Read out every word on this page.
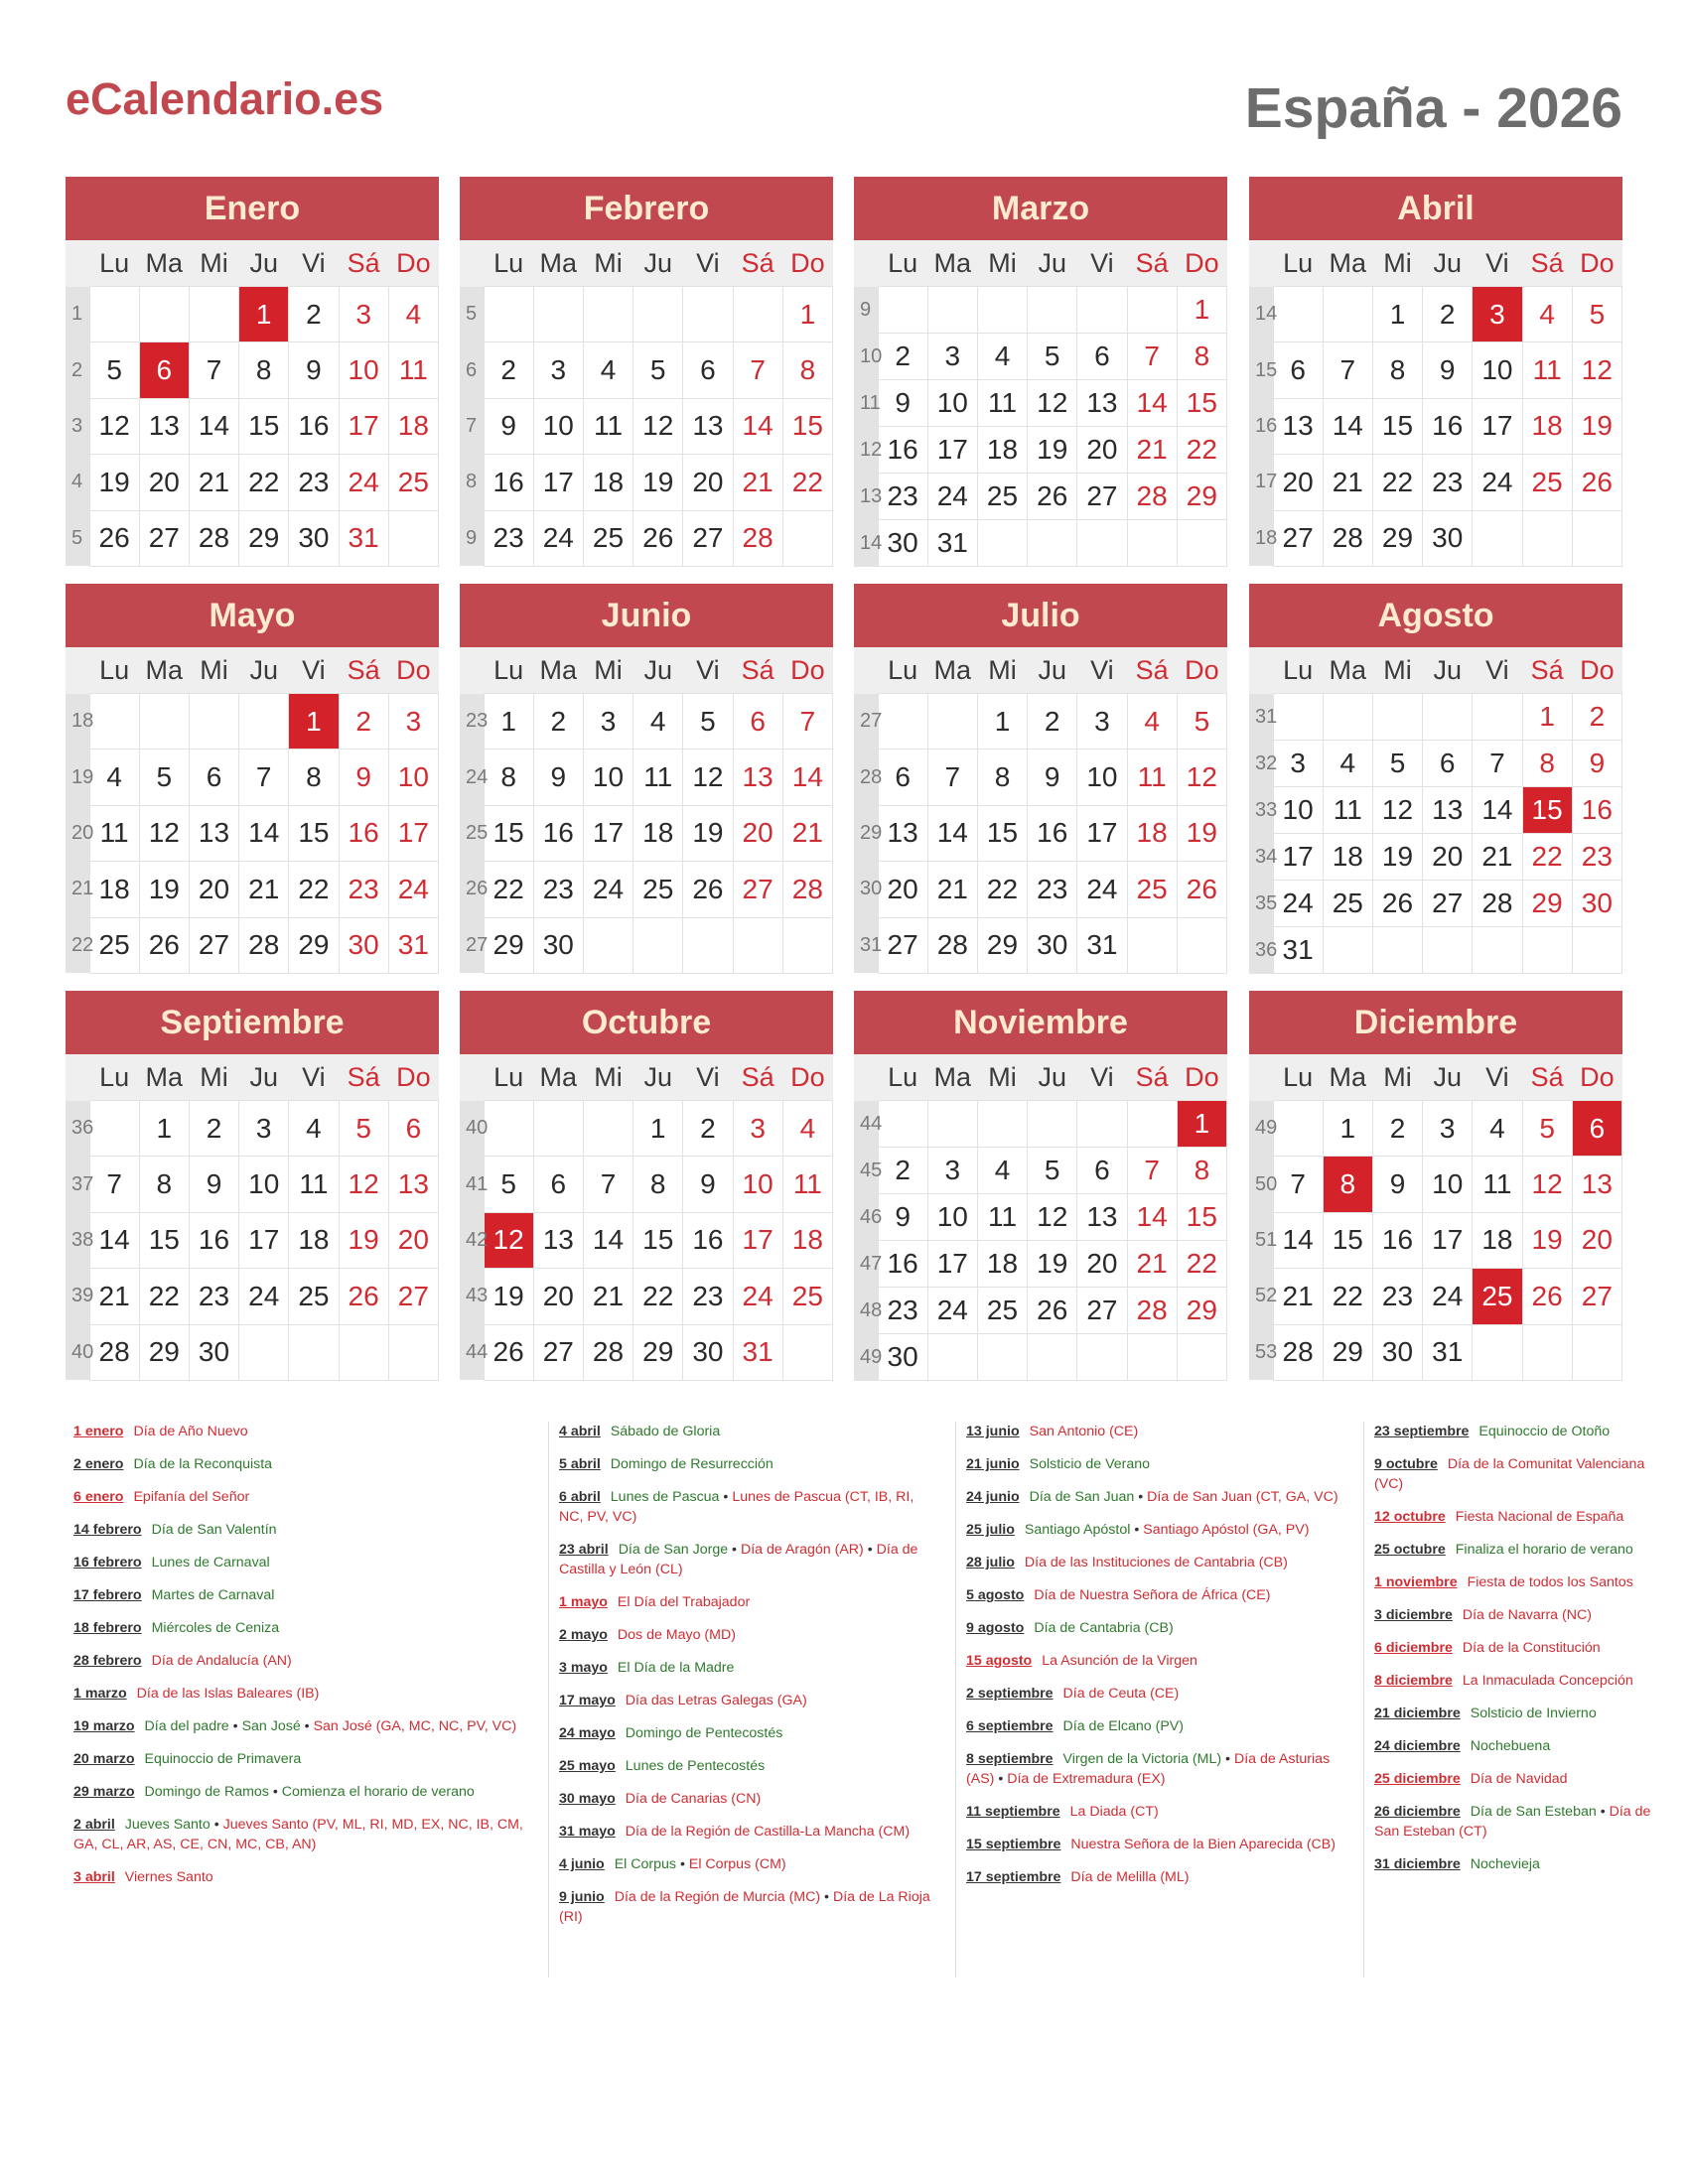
eCalendario.es	España - 2026
Enero
	Lu	Ma	Mi	Ju	Vi	Sá	Do
1				1	2	3	4
2	5	6	7	8	9	10	11
3	12	13	14	15	16	17	18
4	19	20	21	22	23	24	25
5	26	27	28	29	30	31	
Febrero
	Lu	Ma	Mi	Ju	Vi	Sá	Do
5							1
6	2	3	4	5	6	7	8
7	9	10	11	12	13	14	15
8	16	17	18	19	20	21	22
9	23	24	25	26	27	28	
Marzo
	Lu	Ma	Mi	Ju	Vi	Sá	Do
9							1
10	2	3	4	5	6	7	8
11	9	10	11	12	13	14	15
12	16	17	18	19	20	21	22
13	23	24	25	26	27	28	29
14	30	31					
Abril
	Lu	Ma	Mi	Ju	Vi	Sá	Do
14			1	2	3	4	5
15	6	7	8	9	10	11	12
16	13	14	15	16	17	18	19
17	20	21	22	23	24	25	26
18	27	28	29	30			
Mayo
	Lu	Ma	Mi	Ju	Vi	Sá	Do
18					1	2	3
19	4	5	6	7	8	9	10
20	11	12	13	14	15	16	17
21	18	19	20	21	22	23	24
22	25	26	27	28	29	30	31
Junio
	Lu	Ma	Mi	Ju	Vi	Sá	Do
23	1	2	3	4	5	6	7
24	8	9	10	11	12	13	14
25	15	16	17	18	19	20	21
26	22	23	24	25	26	27	28
27	29	30					
Julio
	Lu	Ma	Mi	Ju	Vi	Sá	Do
27			1	2	3	4	5
28	6	7	8	9	10	11	12
29	13	14	15	16	17	18	19
30	20	21	22	23	24	25	26
31	27	28	29	30	31		
Agosto
	Lu	Ma	Mi	Ju	Vi	Sá	Do
31						1	2
32	3	4	5	6	7	8	9
33	10	11	12	13	14	15	16
34	17	18	19	20	21	22	23
35	24	25	26	27	28	29	30
36	31						
Septiembre
	Lu	Ma	Mi	Ju	Vi	Sá	Do
36		1	2	3	4	5	6
37	7	8	9	10	11	12	13
38	14	15	16	17	18	19	20
39	21	22	23	24	25	26	27
40	28	29	30				
Octubre
	Lu	Ma	Mi	Ju	Vi	Sá	Do
40				1	2	3	4
41	5	6	7	8	9	10	11
42	12	13	14	15	16	17	18
43	19	20	21	22	23	24	25
44	26	27	28	29	30	31	
Noviembre
	Lu	Ma	Mi	Ju	Vi	Sá	Do
44							1
45	2	3	4	5	6	7	8
46	9	10	11	12	13	14	15
47	16	17	18	19	20	21	22
48	23	24	25	26	27	28	29
49	30						
Diciembre
	Lu	Ma	Mi	Ju	Vi	Sá	Do
49		1	2	3	4	5	6
50	7	8	9	10	11	12	13
51	14	15	16	17	18	19	20
52	21	22	23	24	25	26	27
53	28	29	30	31			
1 enero Día de Año Nuevo
2 enero Día de la Reconquista
6 enero Epifanía del Señor
14 febrero Día de San Valentín
16 febrero Lunes de Carnaval
17 febrero Martes de Carnaval
18 febrero Miércoles de Ceniza
28 febrero Día de Andalucía (AN)
1 marzo Día de las Islas Baleares (IB)
19 marzo Día del padre • San José • San José (GA, MC, NC, PV, VC)
20 marzo Equinoccio de Primavera
29 marzo Domingo de Ramos • Comienza el horario de verano
2 abril Jueves Santo • Jueves Santo (PV, ML, RI, MD, EX, NC, IB, CM, GA, CL, AR, AS, CE, CN, MC, CB, AN)
3 abril Viernes Santo
4 abril Sábado de Gloria
5 abril Domingo de Resurrección
6 abril Lunes de Pascua • Lunes de Pascua (CT, IB, RI, NC, PV, VC)
23 abril Día de San Jorge • Día de Aragón (AR) • Día de Castilla y León (CL)
1 mayo El Día del Trabajador
2 mayo Dos de Mayo (MD)
3 mayo El Día de la Madre
17 mayo Día das Letras Galegas (GA)
24 mayo Domingo de Pentecostés
25 mayo Lunes de Pentecostés
30 mayo Día de Canarias (CN)
31 mayo Día de la Región de Castilla-La Mancha (CM)
4 junio El Corpus • El Corpus (CM)
9 junio Día de la Región de Murcia (MC) • Día de La Rioja (RI)
13 junio San Antonio (CE)
21 junio Solsticio de Verano
24 junio Día de San Juan • Día de San Juan (CT, GA, VC)
25 julio Santiago Apóstol • Santiago Apóstol (GA, PV)
28 julio Día de las Instituciones de Cantabria (CB)
5 agosto Día de Nuestra Señora de África (CE)
9 agosto Día de Cantabria (CB)
15 agosto La Asunción de la Virgen
2 septiembre Día de Ceuta (CE)
6 septiembre Día de Elcano (PV)
8 septiembre Virgen de la Victoria (ML) • Día de Asturias (AS) • Día de Extremadura (EX)
11 septiembre La Diada (CT)
15 septiembre Nuestra Señora de la Bien Aparecida (CB)
17 septiembre Día de Melilla (ML)
23 septiembre Equinoccio de Otoño
9 octubre Día de la Comunitat Valenciana (VC)
12 octubre Fiesta Nacional de España
25 octubre Finaliza el horario de verano
1 noviembre Fiesta de todos los Santos
3 diciembre Día de Navarra (NC)
6 diciembre Día de la Constitución
8 diciembre La Inmaculada Concepción
21 diciembre Solsticio de Invierno
24 diciembre Nochebuena
25 diciembre Día de Navidad
26 diciembre Día de San Esteban • Día de San Esteban (CT)
31 diciembre Nochevieja
